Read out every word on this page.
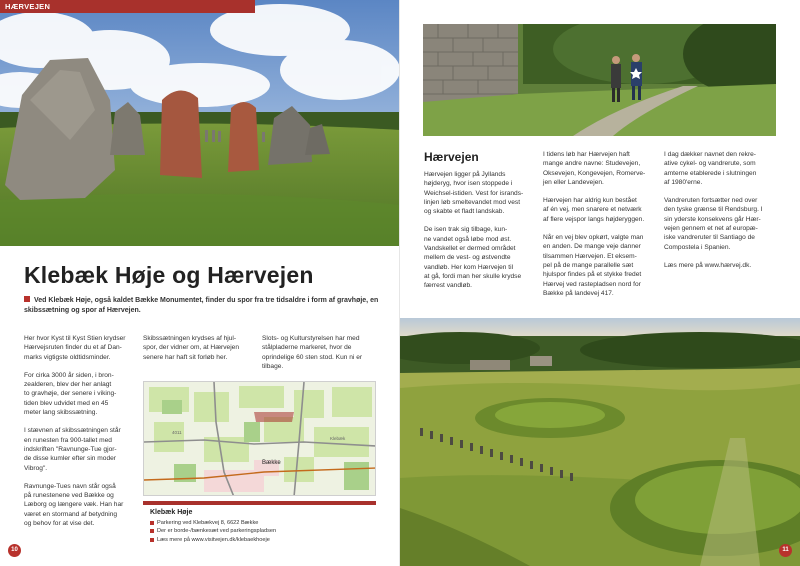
HÆRVEJEN
Klebæk Høje og Hærvejen

Ved Klebæk Høje, også kaldet Bække Monumentet, finder du spor fra tre tidsaldre i form af gravhøje, en skibssætning og spor af Hærvejen.

Her hvor Kyst til Kyst Stien krydser
Hærvejsruten finder du et af Dan-
marks vigtigste oldtidsminder.

For cirka 3000 år siden, i bron-
zealderen, blev der her anlagt
to gravhøje, der senere i viking-
tiden blev udvidet med en 45
meter lang skibssætning.

I stævnen af skibssætningen står
en runesten fra 900-tallet med
indskriften "Ravnunge-Tue gjor-
de disse kumler efter sin moder
Vibrog".

Ravnunge-Tues navn står også
på runestenene ved Bække og
Læborg og længere væk. Han har
været en stormand af betydning
og behov for at vise det.

Skibssætningen krydses af hjul-
spor, der vidner om, at Hærvejen
senere har haft sit forløb her.

Slots- og Kulturstyrelsen har med
stålpladerne markeret, hvor de
oprindelige 60 sten stod. Kun ni er
tilbage.

Bække
4011
Klebæk
Klebæk Høje
Parkering ved Klebækvej 8, 6622 Bække
Der er borde-/bænkesæt ved parkeringspladsen
Læs mere på www.visitvejen.dk/klebaekhoeje
10
Hærvejen

Hærvejen ligger på Jyllands
højderyg, hvor isen stoppede i
Weichsel-istiden. Vest for isrands-
linjen løb smeltevandet mod vest
og skabte et fladt landskab.

De isen trak sig tilbage, kun-
ne vandet også løbe mod øst.
Vandskellet er dermed området
mellem de vest- og østvendte
vandløb. Her kom Hærvejen til
at gå, fordi man her skulle krydse
færrest vandløb.

I tidens løb har Hærvejen haft
mange andre navne: Studevejen,
Oksevejen, Kongevejen, Romerve-
jen eller Landevejen.

Hærvejen har aldrig kun bestået
af én vej, men snarere et netværk
af flere vejspor langs højderyggen.

Når en vej blev opkørt, valgte man
en anden. De mange veje danner
tilsammen Hærvejen. Et eksem-
pel på de mange parallelle sæt
hjulspor findes på et stykke fredet
Hærvej ved rastepladsen nord for
Bække på landevej 417.

I dag dækker navnet den rekre-
ative cykel- og vandrerute, som
amterne etablerede i slutningen
af 1980'erne.

Vandreruten fortsætter ned over
den tyske grænse til Rendsburg. I
sin yderste konsekvens går Hær-
vejen gennem et net af europæ-
iske vandreruter til Santiago de
Compostela i Spanien.

Læs mere på www.hærvej.dk.

11
